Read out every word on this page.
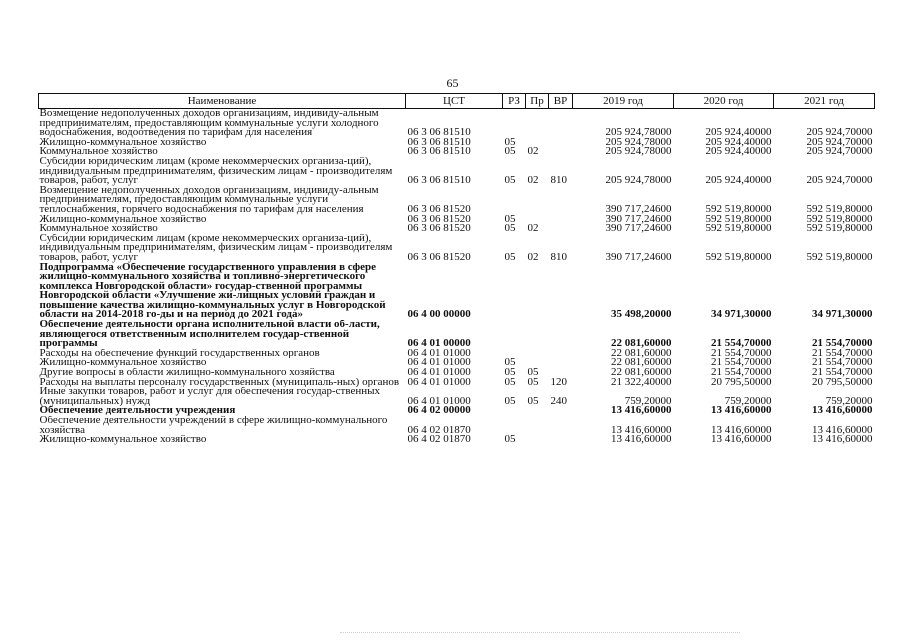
65
Наименование	ЦСТ	РЗ	Пр	ВР	2019 год	2020 год	2021 год
Возмещение недополученных доходов организациям, индивиду-альным предпринимателям, предоставляющим коммунальные услуги холодного водоснабжения, водоотведения по тарифам для населения	06 3 06 81510				205 924,78000	205 924,40000	205 924,70000
Жилищно-коммунальное хозяйство	06 3 06 81510	05			205 924,78000	205 924,40000	205 924,70000
Коммунальное хозяйство	06 3 06 81510	05	02		205 924,78000	205 924,40000	205 924,70000
Субсидии юридическим лицам (кроме некоммерческих организа-ций), индивидуальным предпринимателям, физическим лицам - производителям товаров, работ, услуг	06 3 06 81510	05	02	810	205 924,78000	205 924,40000	205 924,70000
Возмещение недополученных доходов организациям, индивиду-альным предпринимателям, предоставляющим коммунальные услуги теплоснабжения, горячего водоснабжения по тарифам для населения	06 3 06 81520				390 717,24600	592 519,80000	592 519,80000
Жилищно-коммунальное хозяйство	06 3 06 81520	05			390 717,24600	592 519,80000	592 519,80000
Коммунальное хозяйство	06 3 06 81520	05	02		390 717,24600	592 519,80000	592 519,80000
Субсидии юридическим лицам (кроме некоммерческих организа-ций), индивидуальным предпринимателям, физическим лицам - производителям товаров, работ, услуг	06 3 06 81520	05	02	810	390 717,24600	592 519,80000	592 519,80000
Подпрограмма «Обеспечение государственного управления в сфере жилищно-коммунального хозяйства и топливно-энергетического комплекса Новгородской области» государ-ственной программы Новгородской области «Улучшение жи-лищных условий граждан и повышение качества жилищно-коммунальных услуг в Новгородской области на 2014-2018 го-ды и на период до 2021 года»	06 4 00 00000				35 498,20000	34 971,30000	34 971,30000
Обеспечение деятельности органа исполнительной власти об-ласти, являющегося ответственным исполнителем государ-ственной программы	06 4 01 00000				22 081,60000	21 554,70000	21 554,70000
Расходы на обеспечение функций государственных органов	06 4 01 01000				22 081,60000	21 554,70000	21 554,70000
Жилищно-коммунальное хозяйство	06 4 01 01000	05			22 081,60000	21 554,70000	21 554,70000
Другие вопросы в области жилищно-коммунального хозяйства	06 4 01 01000	05	05		22 081,60000	21 554,70000	21 554,70000
Расходы на выплаты персоналу государственных (муниципаль-ных) органов	06 4 01 01000	05	05	120	21 322,40000	20 795,50000	20 795,50000
Иные закупки товаров, работ и услуг для обеспечения государ-ственных (муниципальных) нужд	06 4 01 01000	05	05	240	759,20000	759,20000	759,20000
Обеспечение деятельности учреждения	06 4 02 00000				13 416,60000	13 416,60000	13 416,60000
Обеспечение деятельности учреждений в сфере жилищно-коммунального хозяйства	06 4 02 01870				13 416,60000	13 416,60000	13 416,60000
Жилищно-коммунальное хозяйство	06 4 02 01870	05			13 416,60000	13 416,60000	13 416,60000
